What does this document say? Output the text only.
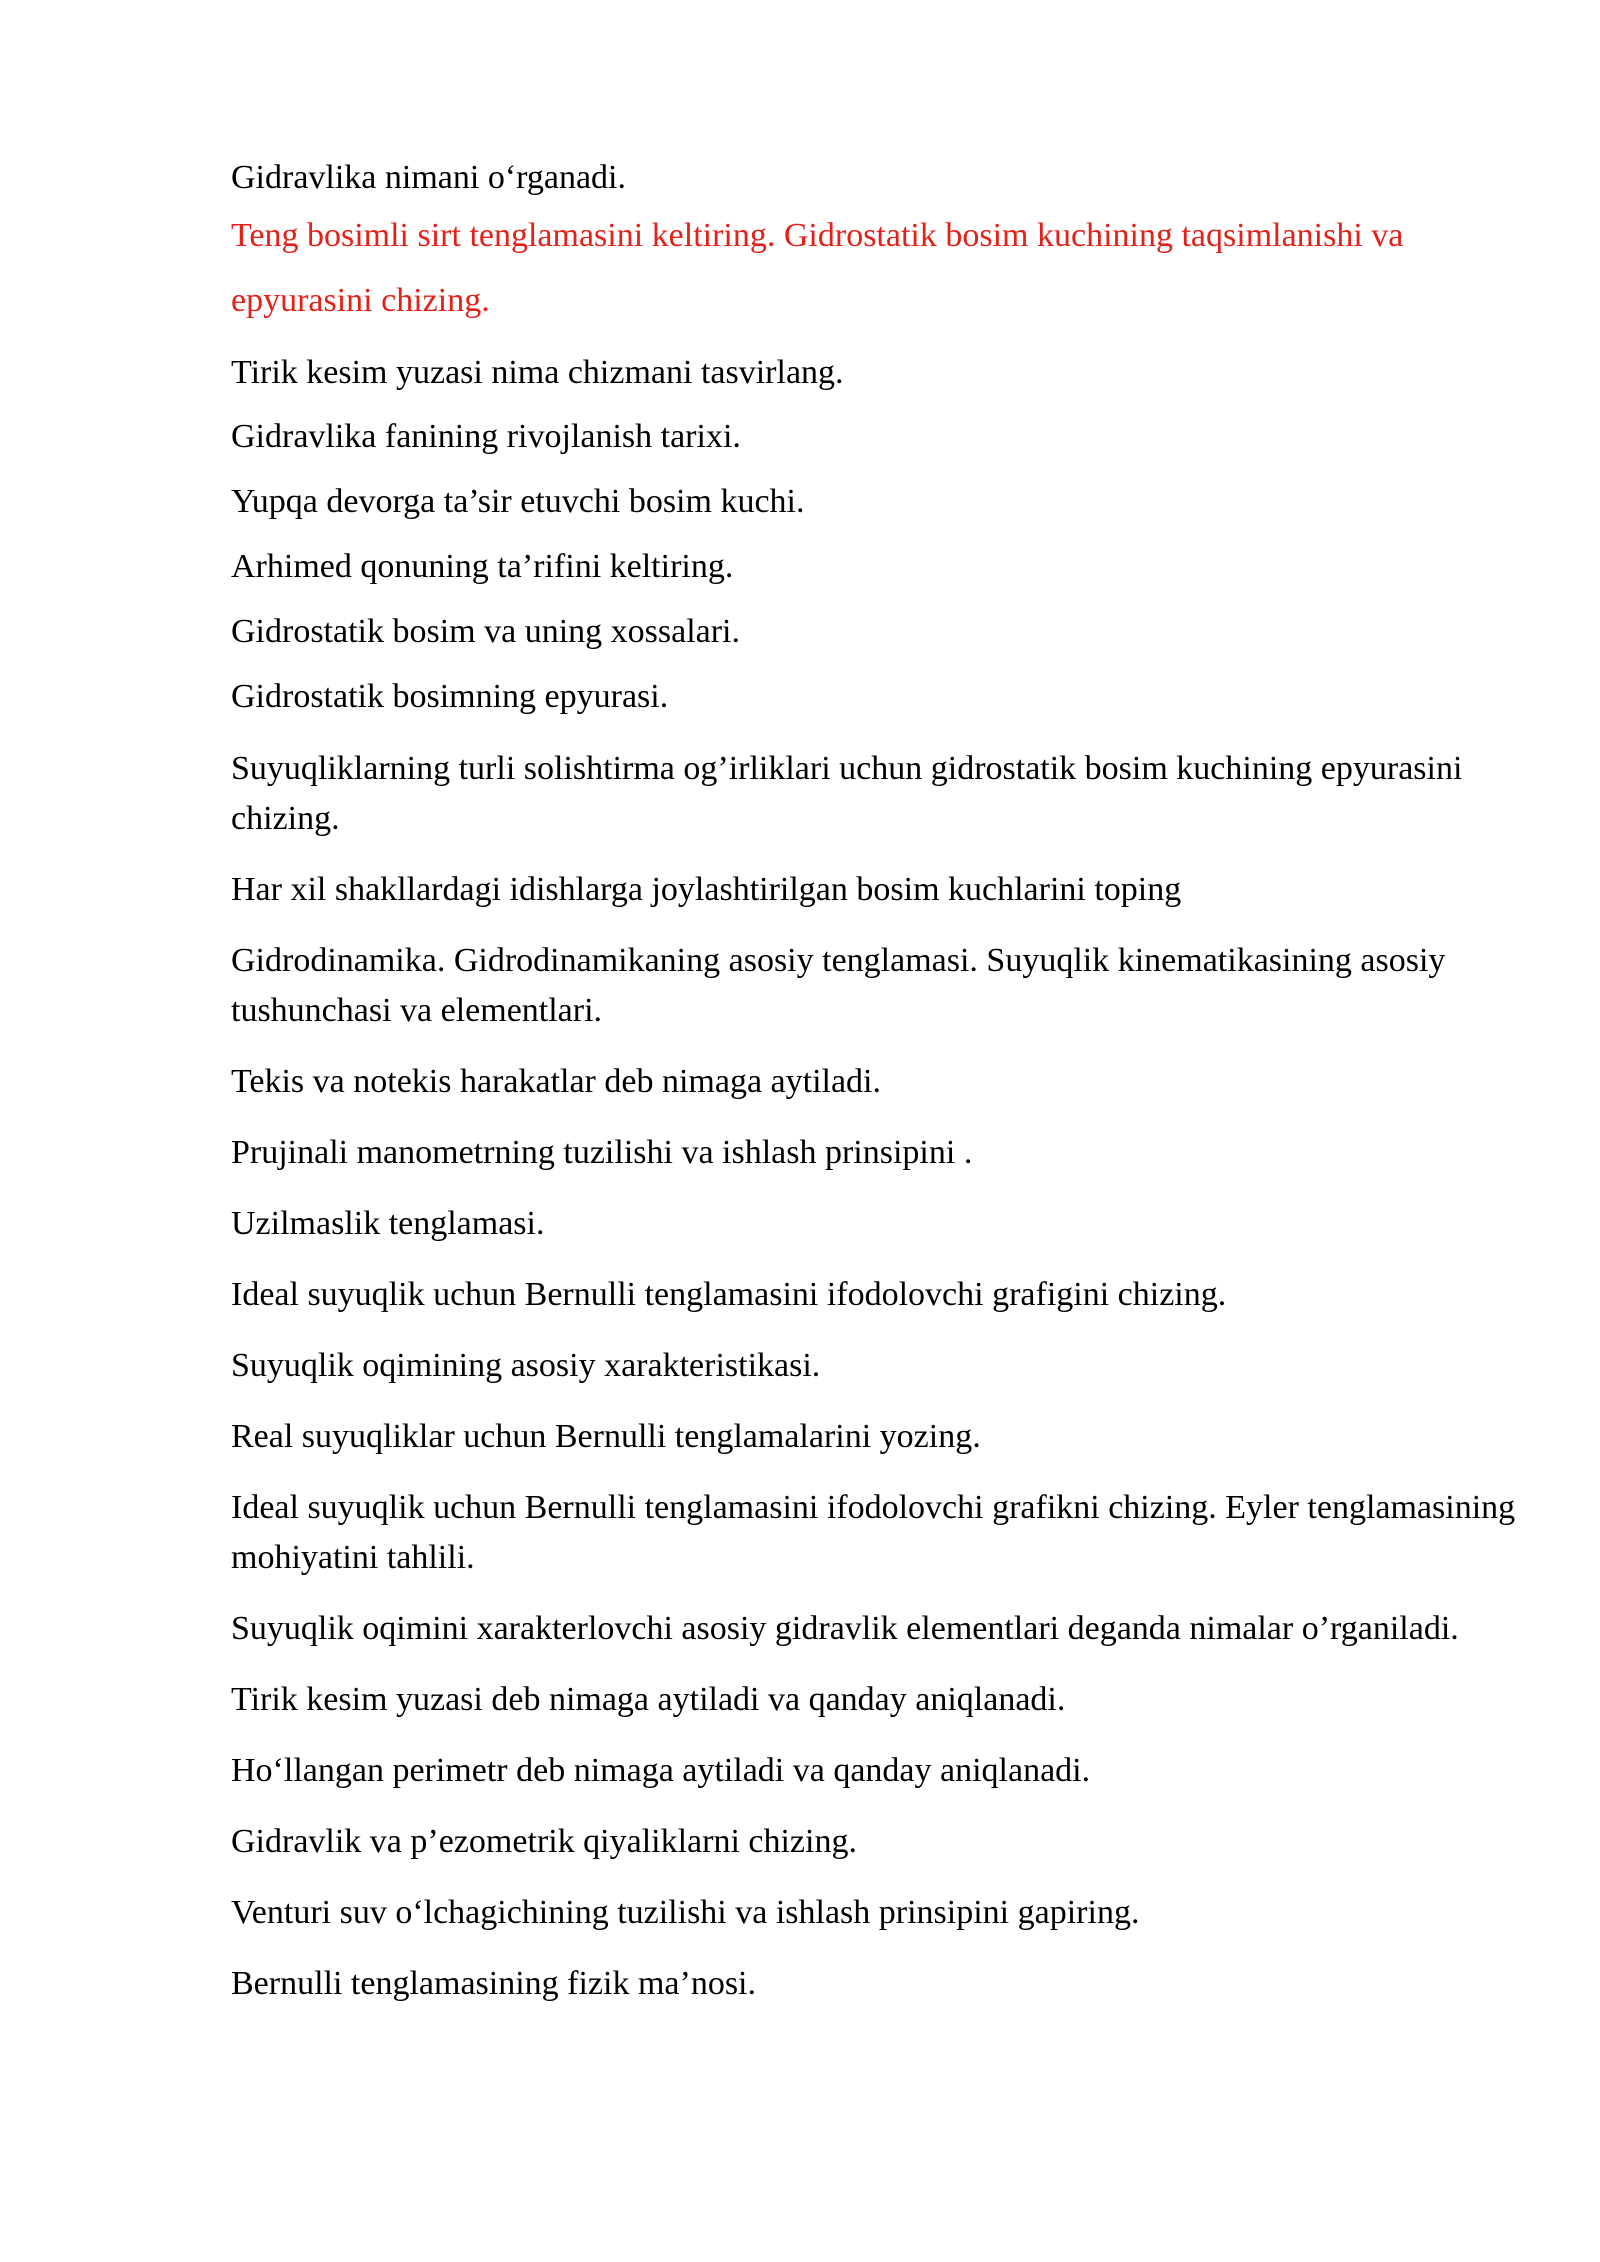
Gidravlika nimani oʻrganadi.

Teng bosimli sirt tenglamasini keltiring. Gidrostatik bosim kuchining taqsimlanishi va epyurasini chizing.

Tirik kesim yuzasi nima chizmani tasvirlang.

Gidravlika fanining rivojlanish tarixi.

Yupqa devorga ta’sir etuvchi bosim kuchi.

Arhimed qonuning ta’rifini keltiring.

Gidrostatik bosim va uning xossalari.

Gidrostatik bosimning epyurasi.

Suyuqliklarning turli solishtirma og’irliklari uchun gidrostatik bosim kuchining epyurasini chizing.

Har xil shakllardagi idishlarga joylashtirilgan bosim kuchlarini toping

Gidrodinamika. Gidrodinamikaning asosiy tenglamasi. Suyuqlik kinematikasining asosiy tushunchasi va elementlari.

Tekis va notekis harakatlar deb nimaga aytiladi.

Prujinali manometrning tuzilishi va ishlash prinsipini .

Uzilmaslik tenglamasi.

Ideal suyuqlik uchun Bernulli tenglamasini ifodolovchi grafigini chizing.

Suyuqlik oqimining asosiy xarakteristikasi.

Real suyuqliklar uchun Bernulli tenglamalarini yozing.

Ideal suyuqlik uchun Bernulli tenglamasini ifodolovchi grafikni chizing. Eyler tenglamasining mohiyatini tahlili.

Suyuqlik oqimini xarakterlovchi asosiy gidravlik elementlari deganda nimalar o’rganiladi.

Tirik kesim yuzasi deb nimaga aytiladi va qanday aniqlanadi.

Hoʻllangan perimetr deb nimaga aytiladi va qanday aniqlanadi.

Gidravlik va p’ezometrik qiyaliklarni chizing.

Venturi suv oʻlchagichining tuzilishi va ishlash prinsipini gapiring.

Bernulli tenglamasining fizik ma’nosi.
